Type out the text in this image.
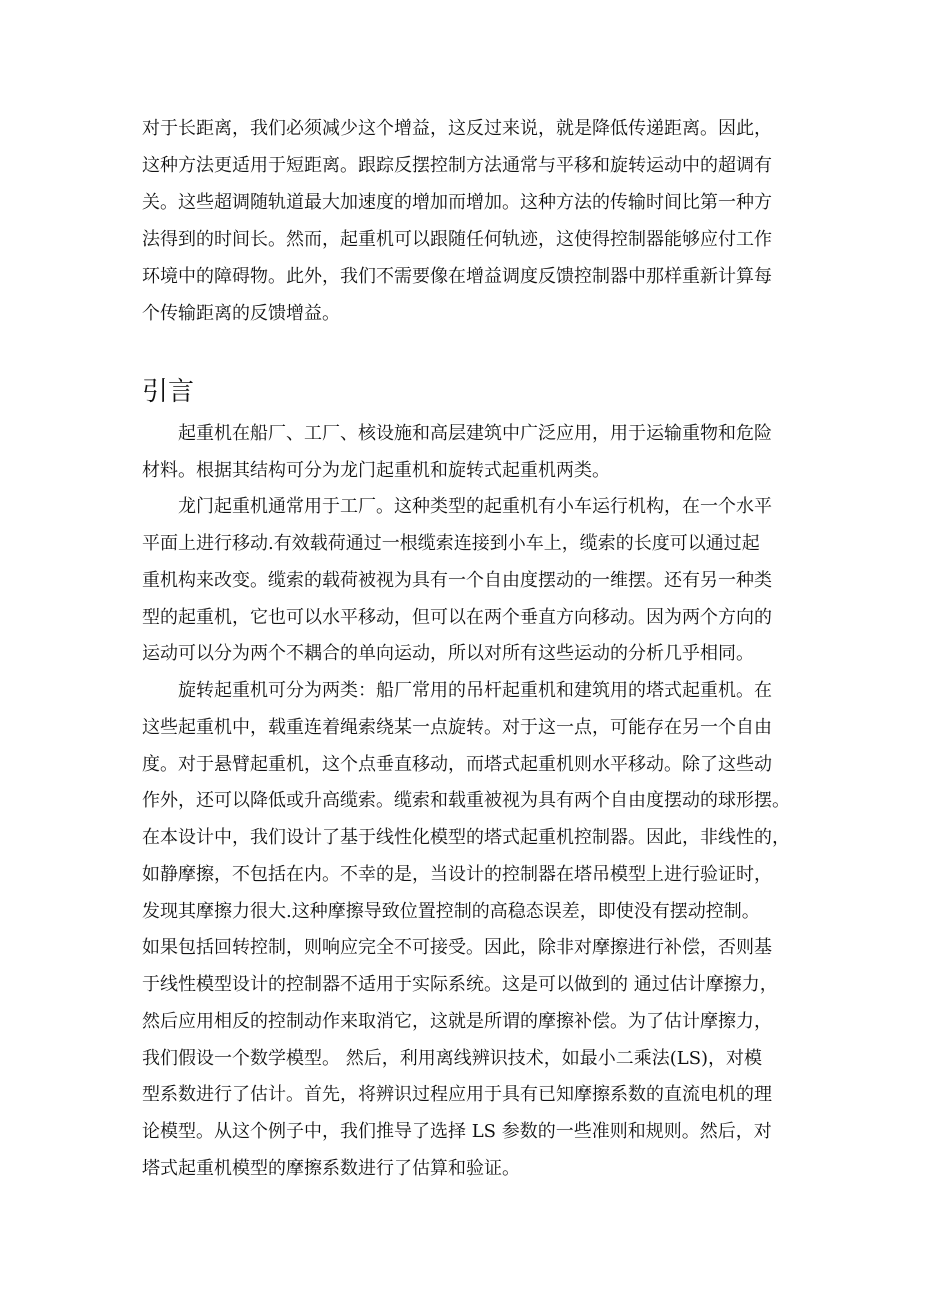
对于长距离，我们必须减少这个增益，这反过来说，就是降低传递距离。因此，
这种方法更适用于短距离。跟踪反摆控制方法通常与平移和旋转运动中的超调有
关。这些超调随轨道最大加速度的增加而增加。这种方法的传输时间比第一种方
法得到的时间长。然而，起重机可以跟随任何轨迹，这使得控制器能够应付工作
环境中的障碍物。此外，我们不需要像在增益调度反馈控制器中那样重新计算每
个传输距离的反馈增益。
引言
　　起重机在船厂、工厂、核设施和高层建筑中广泛应用，用于运输重物和危险
材料。根据其结构可分为龙门起重机和旋转式起重机两类。
　　龙门起重机通常用于工厂。这种类型的起重机有小车运行机构，在一个水平
平面上进行移动.有效载荷通过一根缆索连接到小车上，缆索的长度可以通过起
重机构来改变。缆索的载荷被视为具有一个自由度摆动的一维摆。还有另一种类
型的起重机，它也可以水平移动，但可以在两个垂直方向移动。因为两个方向的
运动可以分为两个不耦合的单向运动，所以对所有这些运动的分析几乎相同。
　　旋转起重机可分为两类：船厂常用的吊杆起重机和建筑用的塔式起重机。在
这些起重机中，载重连着绳索绕某一点旋转。对于这一点，可能存在另一个自由
度。对于悬臂起重机，这个点垂直移动，而塔式起重机则水平移动。除了这些动
作外，还可以降低或升高缆索。缆索和载重被视为具有两个自由度摆动的球形摆。
在本设计中，我们设计了基于线性化模型的塔式起重机控制器。因此，非线性的，
如静摩擦，不包括在内。不幸的是，当设计的控制器在塔吊模型上进行验证时，
发现其摩擦力很大.这种摩擦导致位置控制的高稳态误差，即使没有摆动控制。
如果包括回转控制，则响应完全不可接受。因此，除非对摩擦进行补偿，否则基
于线性模型设计的控制器不适用于实际系统。这是可以做到的 通过估计摩擦力，
然后应用相反的控制动作来取消它，这就是所谓的摩擦补偿。为了估计摩擦力，
我们假设一个数学模型。 然后，利用离线辨识技术，如最小二乘法(LS)，对模
型系数进行了估计。首先，将辨识过程应用于具有已知摩擦系数的直流电机的理
论模型。从这个例子中，我们推导了选择 LS 参数的一些准则和规则。然后，对
塔式起重机模型的摩擦系数进行了估算和验证。
